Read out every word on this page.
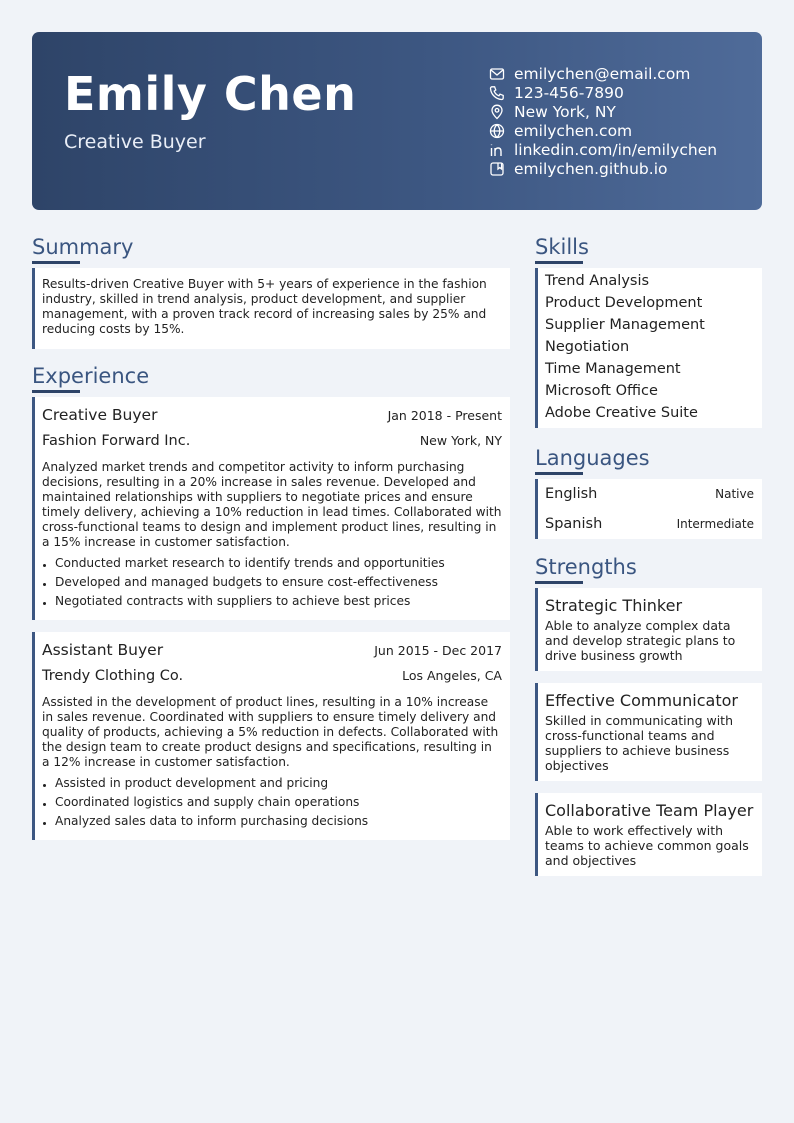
Emily Chen
Creative Buyer
emilychen@email.com
123-456-7890
New York, NY
emilychen.com
linkedin.com/in/emilychen
emilychen.github.io
Summary
Results-driven Creative Buyer with 5+ years of experience in the fashion industry, skilled in trend analysis, product development, and supplier management, with a proven track record of increasing sales by 25% and reducing costs by 15%.
Experience
Creative Buyer	Jan 2018 - Present
Fashion Forward Inc.	New York, NY
Analyzed market trends and competitor activity to inform purchasing decisions, resulting in a 20% increase in sales revenue. Developed and maintained relationships with suppliers to negotiate prices and ensure timely delivery, achieving a 10% reduction in lead times. Collaborated with cross-functional teams to design and implement product lines, resulting in a 15% increase in customer satisfaction.
Conducted market research to identify trends and opportunities
Developed and managed budgets to ensure cost-effectiveness
Negotiated contracts with suppliers to achieve best prices
Assistant Buyer	Jun 2015 - Dec 2017
Trendy Clothing Co.	Los Angeles, CA
Assisted in the development of product lines, resulting in a 10% increase in sales revenue. Coordinated with suppliers to ensure timely delivery and quality of products, achieving a 5% reduction in defects. Collaborated with the design team to create product designs and specifications, resulting in a 12% increase in customer satisfaction.
Assisted in product development and pricing
Coordinated logistics and supply chain operations
Analyzed sales data to inform purchasing decisions
Skills
Trend Analysis
Product Development
Supplier Management
Negotiation
Time Management
Microsoft Office
Adobe Creative Suite
Languages
English	Native
Spanish	Intermediate
Strengths
Strategic Thinker
Able to analyze complex data and develop strategic plans to drive business growth
Effective Communicator
Skilled in communicating with cross-functional teams and suppliers to achieve business objectives
Collaborative Team Player
Able to work effectively with teams to achieve common goals and objectives
